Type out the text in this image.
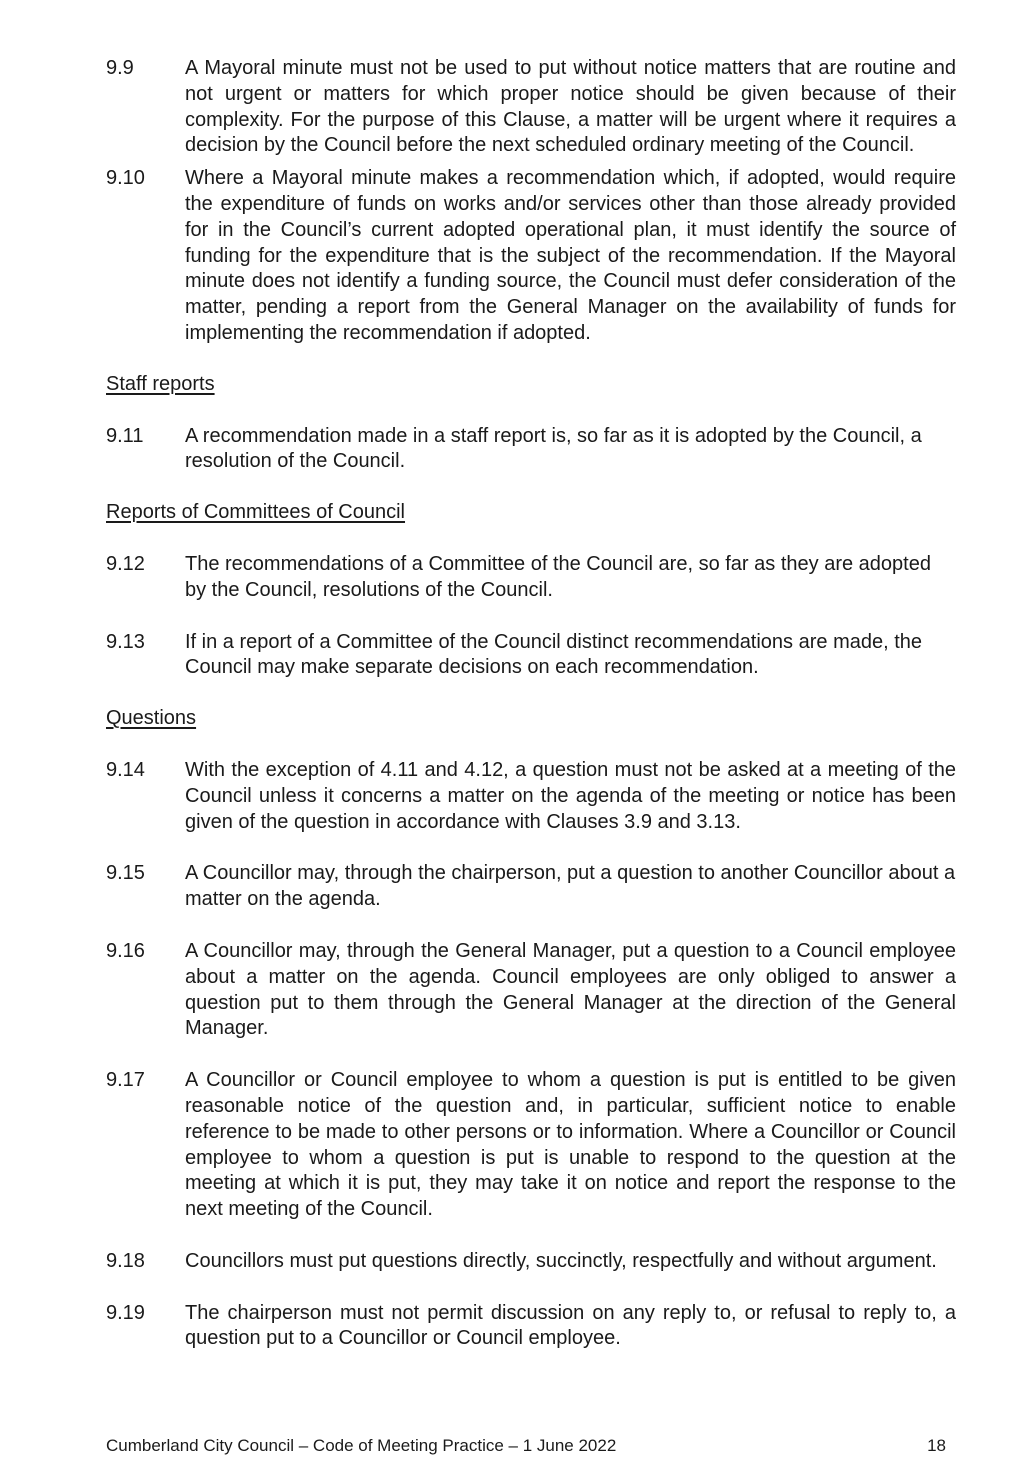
9.9	A Mayoral minute must not be used to put without notice matters that are routine and not urgent or matters for which proper notice should be given because of their complexity. For the purpose of this Clause, a matter will be urgent where it requires a decision by the Council before the next scheduled ordinary meeting of the Council.
9.10	Where a Mayoral minute makes a recommendation which, if adopted, would require the expenditure of funds on works and/or services other than those already provided for in the Council’s current adopted operational plan, it must identify the source of funding for the expenditure that is the subject of the recommendation. If the Mayoral minute does not identify a funding source, the Council must defer consideration of the matter, pending a report from the General Manager on the availability of funds for implementing the recommendation if adopted.
Staff reports
9.11	A recommendation made in a staff report is, so far as it is adopted by the Council, a resolution of the Council.
Reports of Committees of Council
9.12	The recommendations of a Committee of the Council are, so far as they are adopted by the Council, resolutions of the Council.
9.13	If in a report of a Committee of the Council distinct recommendations are made, the Council may make separate decisions on each recommendation.
Questions
9.14	With the exception of 4.11 and 4.12, a question must not be asked at a meeting of the Council unless it concerns a matter on the agenda of the meeting or notice has been given of the question in accordance with Clauses 3.9 and 3.13.
9.15	A Councillor may, through the chairperson, put a question to another Councillor about a matter on the agenda.
9.16	A Councillor may, through the General Manager, put a question to a Council employee about a matter on the agenda. Council employees are only obliged to answer a question put to them through the General Manager at the direction of the General Manager.
9.17	A Councillor or Council employee to whom a question is put is entitled to be given reasonable notice of the question and, in particular, sufficient notice to enable reference to be made to other persons or to information. Where a Councillor or Council employee to whom a question is put is unable to respond to the question at the meeting at which it is put, they may take it on notice and report the response to the next meeting of the Council.
9.18	Councillors must put questions directly, succinctly, respectfully and without argument.
9.19	The chairperson must not permit discussion on any reply to, or refusal to reply to, a question put to a Councillor or Council employee.
Cumberland City Council – Code of Meeting Practice – 1 June 2022	18
